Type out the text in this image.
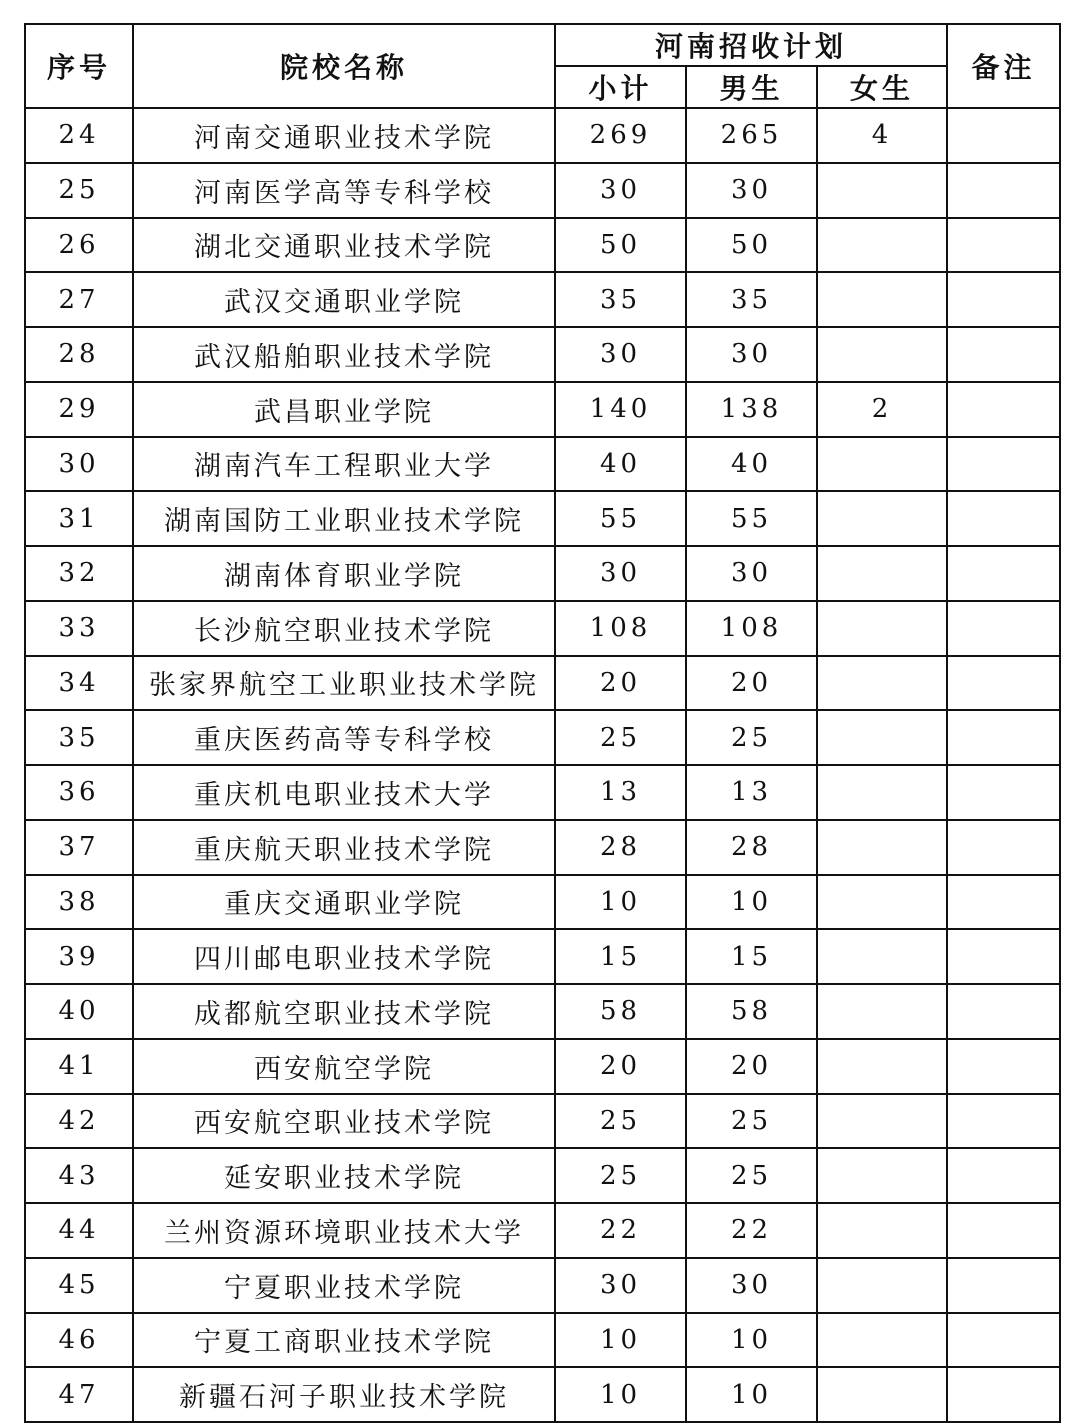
序号	院校名称	河南招收计划			备注
		小计	男生	女生	
24	河南交通职业技术学院	269	265	4	
25	河南医学高等专科学校	30	30		
26	湖北交通职业技术学院	50	50		
27	武汉交通职业学院	35	35		
28	武汉船舶职业技术学院	30	30		
29	武昌职业学院	140	138	2	
30	湖南汽车工程职业大学	40	40		
31	湖南国防工业职业技术学院	55	55		
32	湖南体育职业学院	30	30		
33	长沙航空职业技术学院	108	108		
34	张家界航空工业职业技术学院	20	20		
35	重庆医药高等专科学校	25	25		
36	重庆机电职业技术大学	13	13		
37	重庆航天职业技术学院	28	28		
38	重庆交通职业学院	10	10		
39	四川邮电职业技术学院	15	15		
40	成都航空职业技术学院	58	58		
41	西安航空学院	20	20		
42	西安航空职业技术学院	25	25		
43	延安职业技术学院	25	25		
44	兰州资源环境职业技术大学	22	22		
45	宁夏职业技术学院	30	30		
46	宁夏工商职业技术学院	10	10		
47	新疆石河子职业技术学院	10	10		
